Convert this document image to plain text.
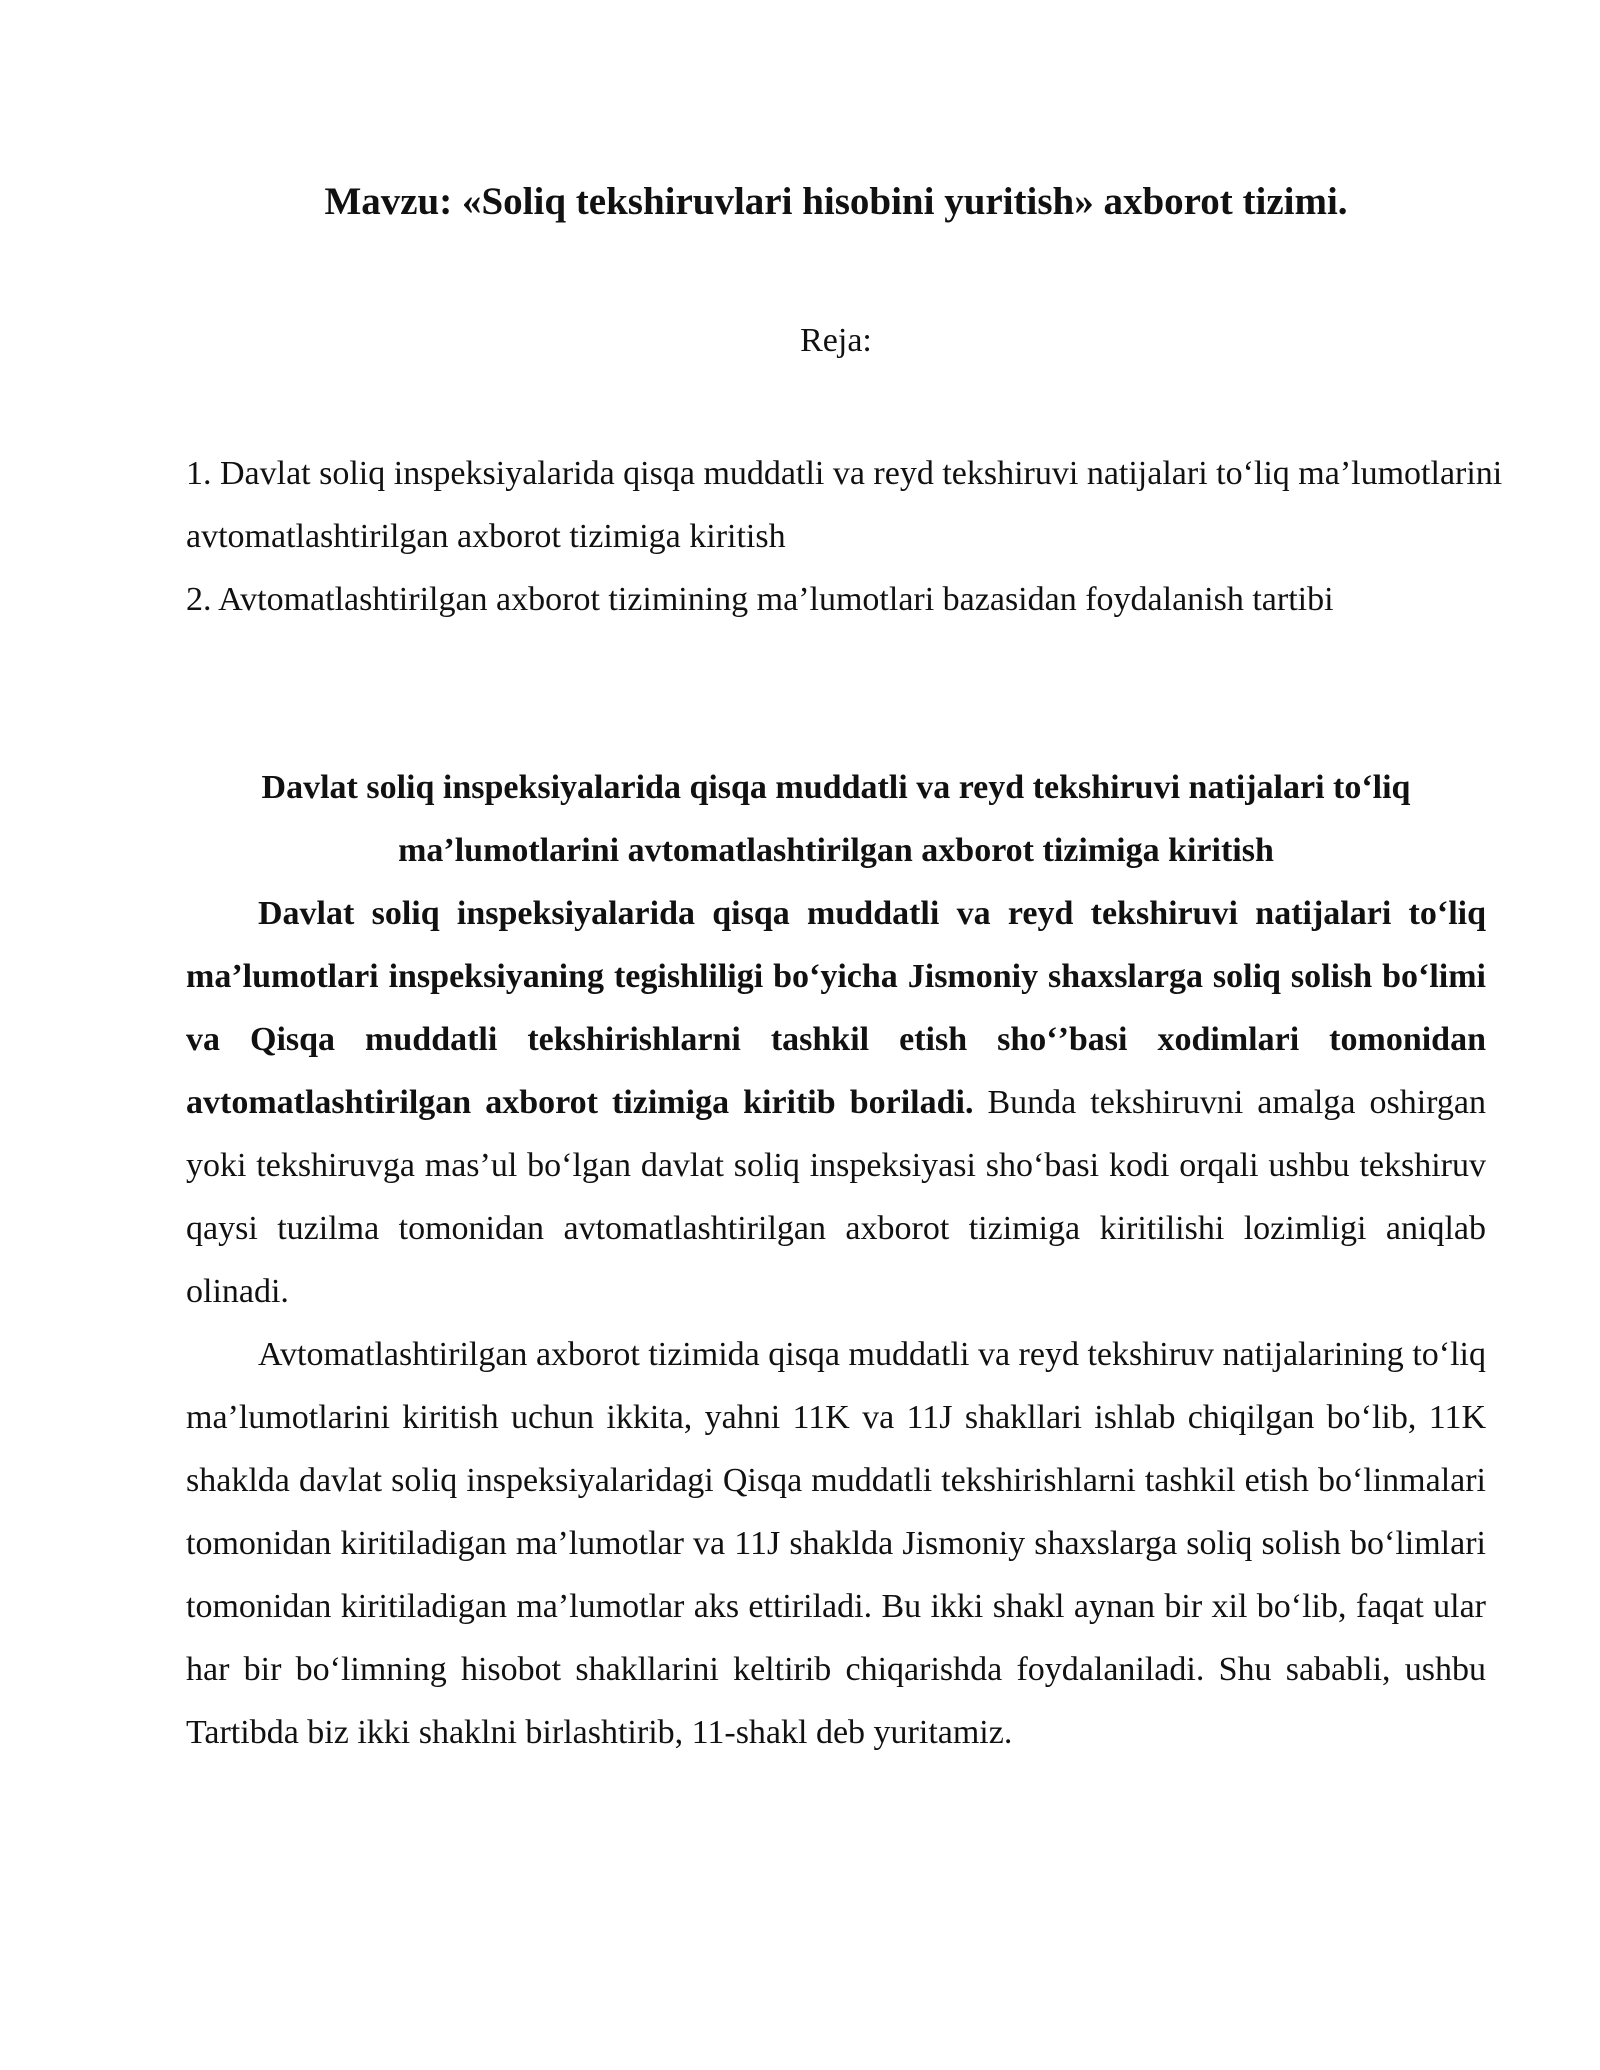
Mavzu: «Soliq tekshiruvlari hisobini yuritish» axborot tizimi.

Reja:

1. Davlat soliq inspeksiyalarida qisqa muddatli va reyd tekshiruvi natijalari to‘liq ma’lumotlarini avtomatlashtirilgan axborot tizimiga kiritish
2. Avtomatlashtirilgan axborot tizimining ma’lumotlari bazasidan foydalanish tartibi
Davlat soliq inspeksiyalarida qisqa muddatli va reyd tekshiruvi natijalari to‘liq ma’lumotlarini avtomatlashtirilgan axborot tizimiga kiritish

Davlat soliq inspeksiyalarida qisqa muddatli va reyd tekshiruvi natijalari to‘liq ma’lumotlari inspeksiyaning tegishliligi bo‘yicha Jismoniy shaxslarga soliq solish bo‘limi va Qisqa muddatli tekshirishlarni tashkil etish sho‘’basi xodimlari tomonidan avtomatlashtirilgan axborot tizimiga kiritib boriladi. Bunda tekshiruvni amalga oshirgan yoki tekshiruvga mas’ul bo‘lgan davlat soliq inspeksiyasi sho‘basi kodi orqali ushbu tekshiruv qaysi tuzilma tomonidan avtomatlashtirilgan axborot tizimiga kiritilishi lozimligi aniqlab olinadi.

Avtomatlashtirilgan axborot tizimida qisqa muddatli va reyd tekshiruv natijalarining to‘liq ma’lumotlarini kiritish uchun ikkita, yahni 11K va 11J shakllari ishlab chiqilgan bo‘lib, 11K shaklda davlat soliq inspeksiyalaridagi Qisqa muddatli tekshirishlarni tashkil etish bo‘linmalari tomonidan kiritiladigan ma’lumotlar va 11J shaklda Jismoniy shaxslarga soliq solish bo‘limlari tomonidan kiritiladigan ma’lumotlar aks ettiriladi. Bu ikki shakl aynan bir xil bo‘lib, faqat ular har bir bo‘limning hisobot shakllarini keltirib chiqarishda foydalaniladi. Shu sababli, ushbu Tartibda biz ikki shaklni birlashtirib, 11-shakl deb yuritamiz.
